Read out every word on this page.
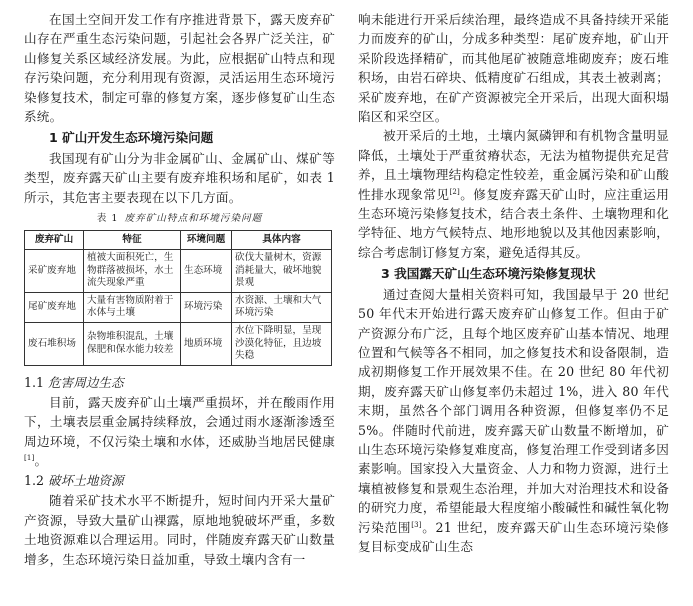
在国土空间开发工作有序推进背景下，露天废弃矿山存在严重生态污染问题，引起社会各界广泛关注，矿山修复关系区域经济发展。为此，应根据矿山特点和现存污染问题，充分利用现有资源，灵活运用生态环境污染修复技术，制定可靠的修复方案，逐步修复矿山生态系统。

1 矿山开发生态环境污染问题

我国现有矿山分为非金属矿山、金属矿山、煤矿等类型，废弃露天矿山主要有废弃堆积场和尾矿，如表 1 所示，其危害主要表现在以下几方面。

表 1 废弃矿山特点和环境污染问题
废弃矿山	特征	环境问题	具体内容
采矿废弃地	植被大面积死亡，生物群落被损坏，水土流失现象严重	生态环境	砍伐大量树木，资源消耗量大，破坏地貌景观
尾矿废弃地	大量有害物质附着于水体与土壤	环境污染	水资源、土壤和大气环境污染
废石堆积场	杂物堆积混乱，土壤保肥和保水能力较差	地质环境	水位下降明显，呈现沙漠化特征，且边坡失稳
1.1 危害周边生态

目前，露天废弃矿山土壤严重损坏，并在酸雨作用下，土壤表层重金属持续释放，会通过雨水逐渐渗透至周边环境，不仅污染土壤和水体，还威胁当地居民健康[1]。

1.2 破坏土地资源

随着采矿技术水平不断提升，短时间内开采大量矿产资源，导致大量矿山裸露，原地地貌破坏严重，多数土地资源难以合理运用。同时，伴随废弃露天矿山数量增多，生态环境污染日益加重，导致土壤内含有一

响未能进行开采后续治理，最终造成不具备持续开采能力而废弃的矿山，分成多种类型：尾矿废弃地，矿山开采阶段选择精矿，而其他尾矿被随意堆砌废弃；废石堆积场，由岩石碎块、低精度矿石组成，其表土被剥离；采矿废弃地，在矿产资源被完全开采后，出现大面积塌陷区和采空区。

被开采后的土地，土壤内氮磷钾和有机物含量明显降低，土壤处于严重贫瘠状态，无法为植物提供充足营养，且土壤物理结构稳定性较差，重金属污染和矿山酸性排水现象常见[2]。修复废弃露天矿山时，应注重运用生态环境污染修复技术，结合表土条件、土壤物理和化学特征、地方气候特点、地形地貌以及其他因素影响，综合考虑制订修复方案，避免适得其反。

3 我国露天矿山生态环境污染修复现状

通过查阅大量相关资料可知，我国最早于 20 世纪 50 年代末开始进行露天废弃矿山修复工作。但由于矿产资源分布广泛，且每个地区废弃矿山基本情况、地理位置和气候等各不相同，加之修复技术和设备限制，造成初期修复工作开展效果不佳。在 20 世纪 80 年代初期，废弃露天矿山修复率仍未超过 1%，进入 80 年代末期，虽然各个部门调用各种资源，但修复率仍不足 5%。伴随时代前进，废弃露天矿山数量不断增加，矿山生态环境污染修复难度高，修复治理工作受到诸多因素影响。国家投入大量资金、人力和物力资源，进行土壤植被修复和景观生态治理，并加大对治理技术和设备的研究力度，希望能最大程度缩小酸碱性和碱性氧化物污染范围[3]。21 世纪，废弃露天矿山生态环境污染修复目标变成矿山生态
